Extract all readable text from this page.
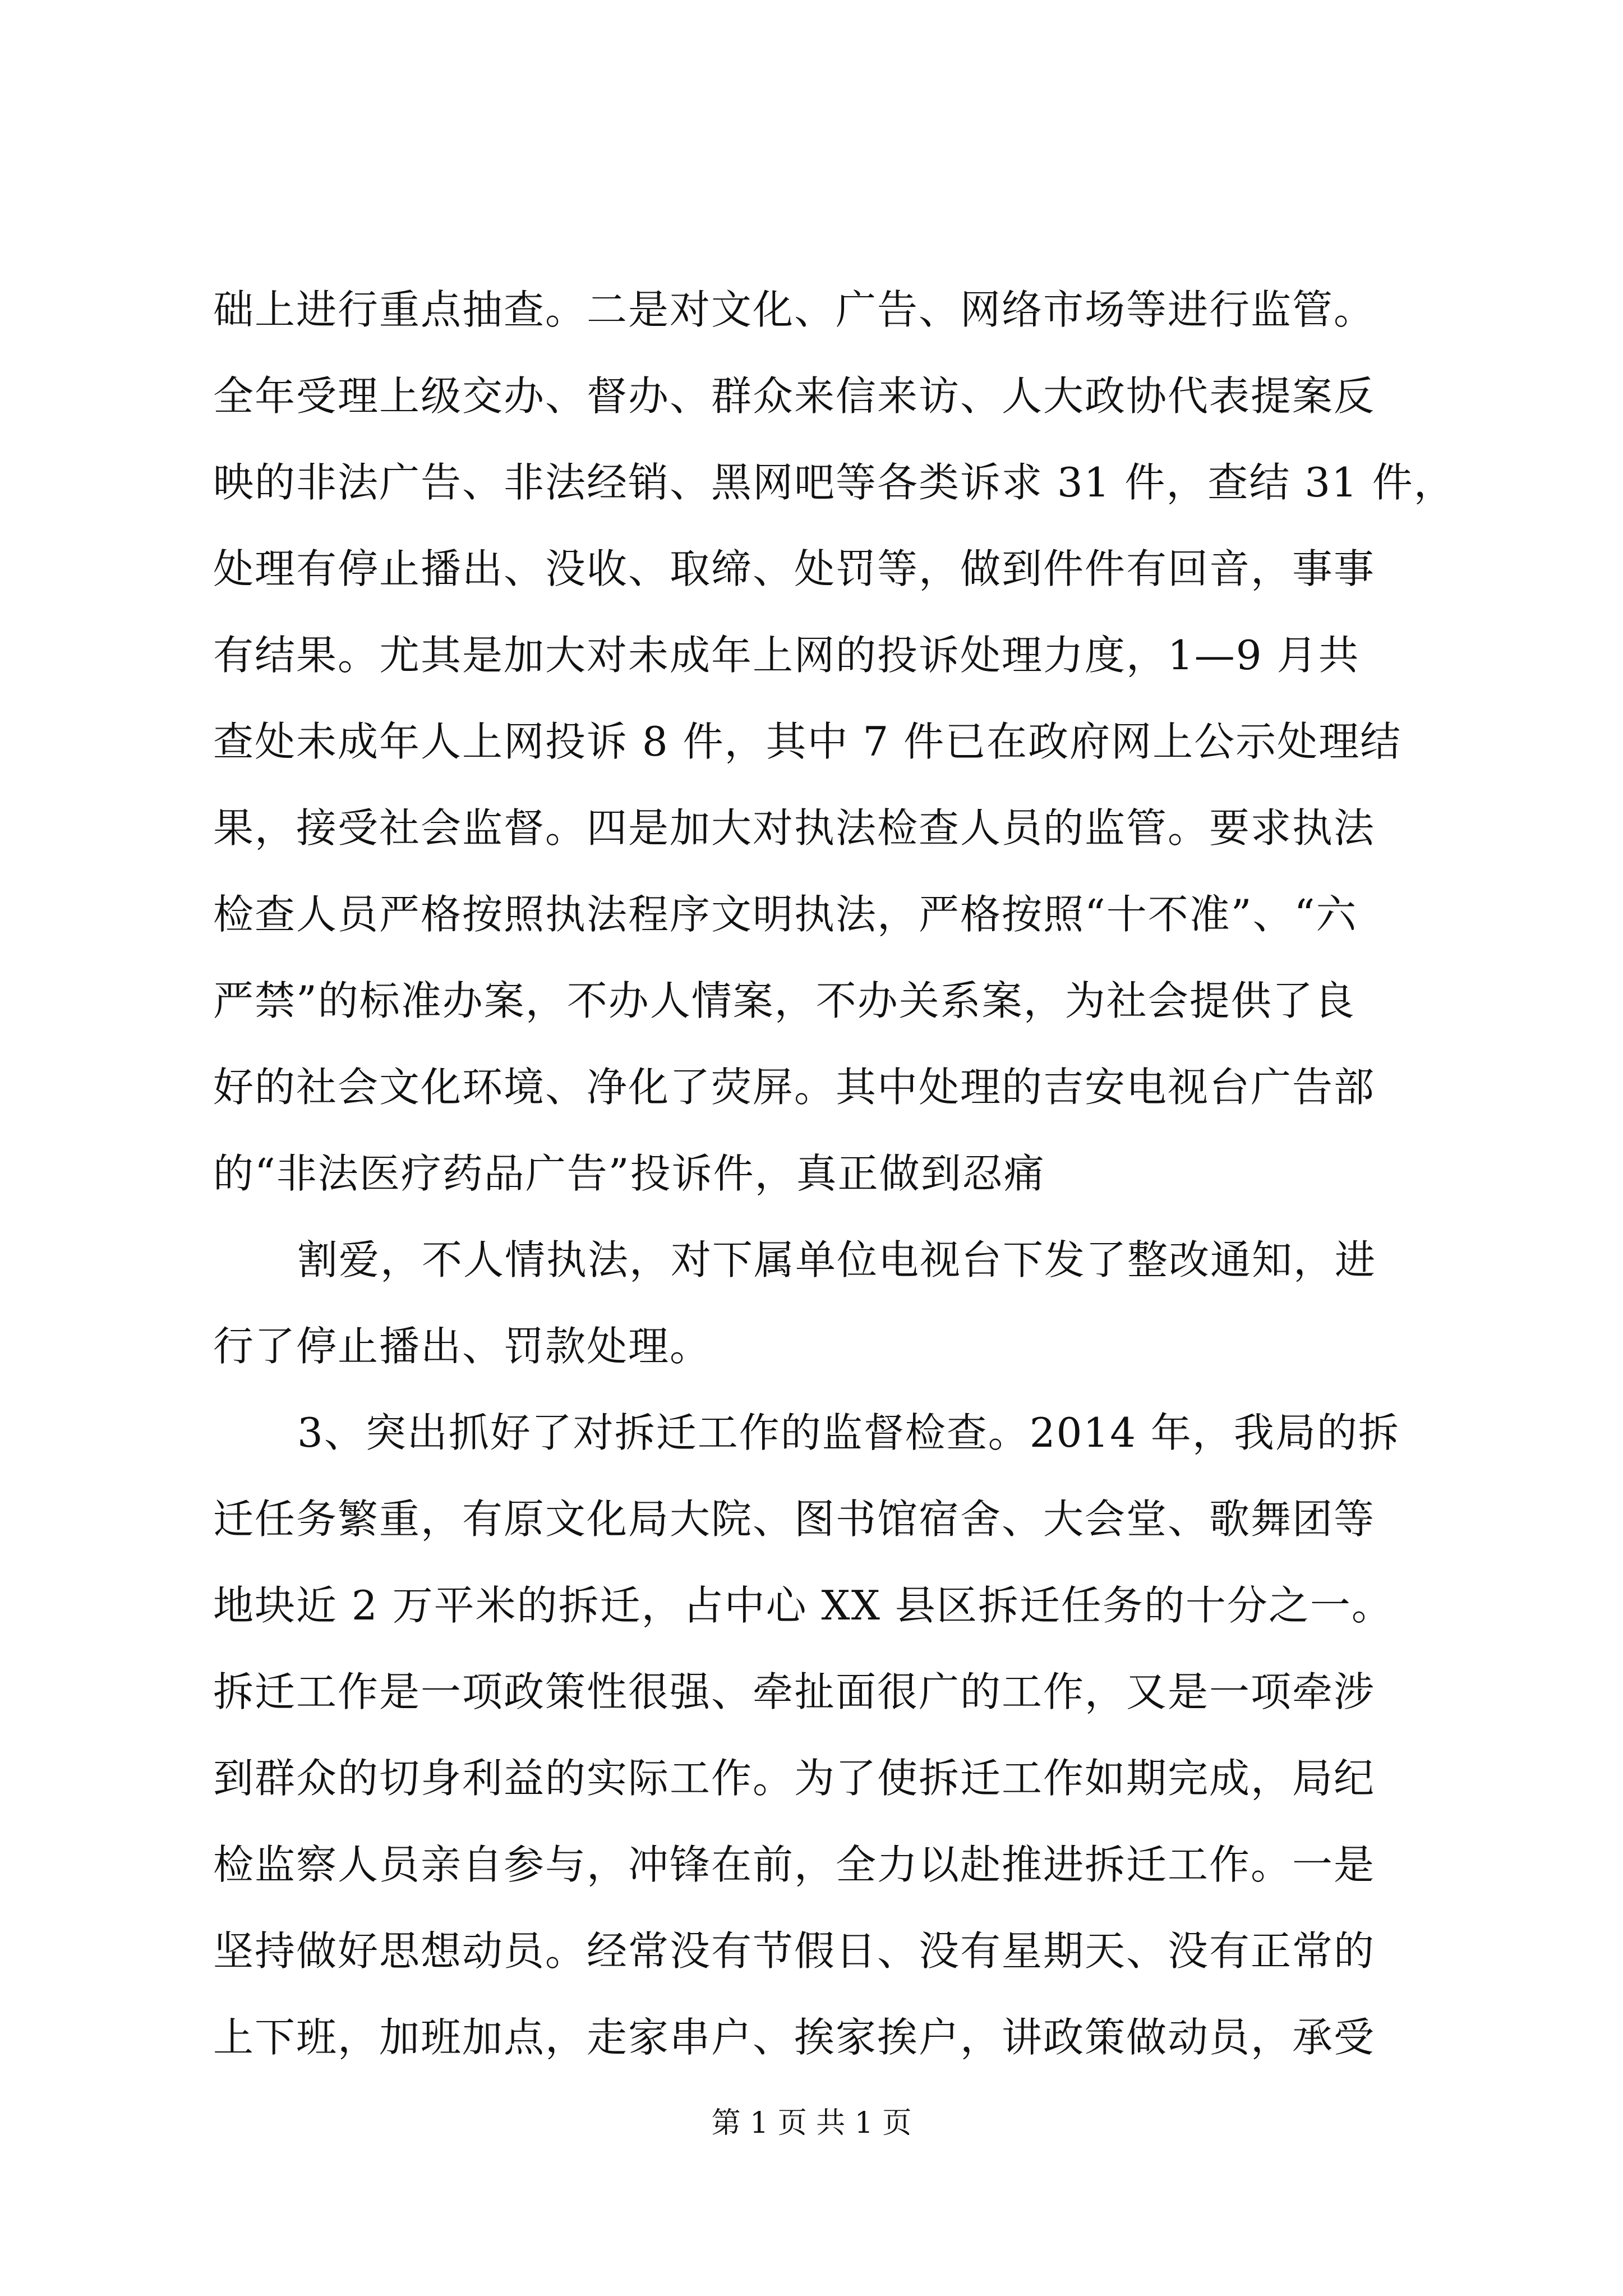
础上进行重点抽查。二是对文化、广告、网络市场等进行监管。
全年受理上级交办、督办、群众来信来访、人大政协代表提案反
映的非法广告、非法经销、黑网吧等各类诉求 31 件，查结 31 件，
处理有停止播出、没收、取缔、处罚等，做到件件有回音，事事
有结果。尤其是加大对未成年上网的投诉处理力度，1—9 月共
查处未成年人上网投诉 8 件，其中 7 件已在政府网上公示处理结
果，接受社会监督。四是加大对执法检查人员的监管。要求执法
检查人员严格按照执法程序文明执法，严格按照“十不准”、“六
严禁”的标准办案，不办人情案，不办关系案，为社会提供了良
好的社会文化环境、净化了荧屏。其中处理的吉安电视台广告部
的“非法医疗药品广告”投诉件，真正做到忍痛
割爱，不人情执法，对下属单位电视台下发了整改通知，进
行了停止播出、罚款处理。
3、突出抓好了对拆迁工作的监督检查。2014 年，我局的拆
迁任务繁重，有原文化局大院、图书馆宿舍、大会堂、歌舞团等
地块近 2 万平米的拆迁，占中心 XX 县区拆迁任务的十分之一。
拆迁工作是一项政策性很强、牵扯面很广的工作，又是一项牵涉
到群众的切身利益的实际工作。为了使拆迁工作如期完成，局纪
检监察人员亲自参与，冲锋在前，全力以赴推进拆迁工作。一是
坚持做好思想动员。经常没有节假日、没有星期天、没有正常的
上下班，加班加点，走家串户、挨家挨户，讲政策做动员，承受
第 1 页 共 1 页
